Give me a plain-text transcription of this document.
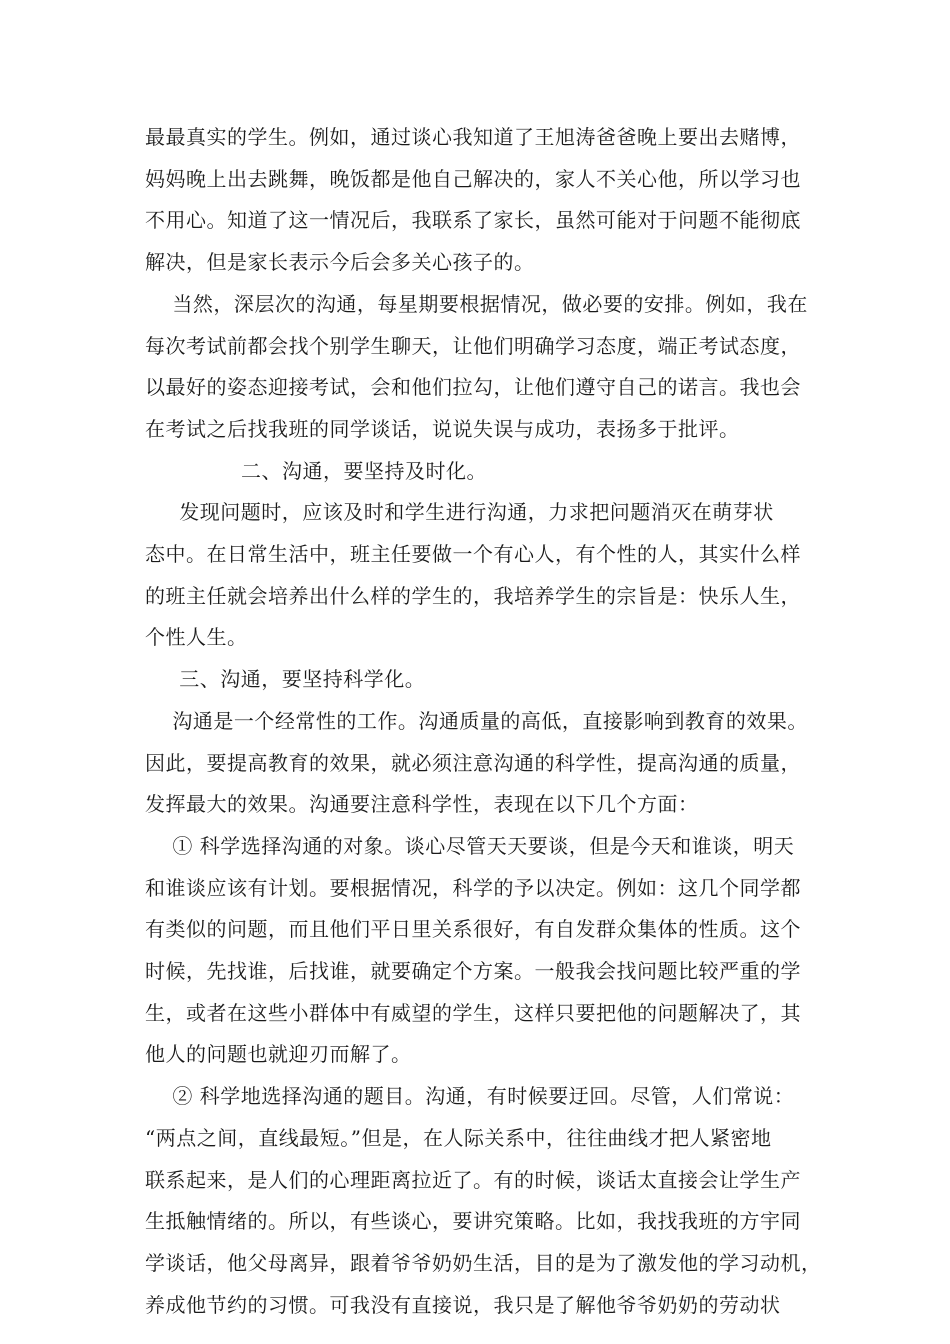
最最真实的学生。例如，通过谈心我知道了王旭涛爸爸晚上要出去赌博，
妈妈晚上出去跳舞，晚饭都是他自己解决的，家人不关心他，所以学习也
不用心。知道了这一情况后，我联系了家长，虽然可能对于问题不能彻底
解决，但是家长表示今后会多关心孩子的。
当然，深层次的沟通，每星期要根据情况，做必要的安排。例如，我在
每次考试前都会找个别学生聊天，让他们明确学习态度，端正考试态度，
以最好的姿态迎接考试，会和他们拉勾，让他们遵守自己的诺言。我也会
在考试之后找我班的同学谈话，说说失误与成功，表扬多于批评。
二、沟通，要坚持及时化。
发现问题时，应该及时和学生进行沟通，力求把问题消灭在萌芽状
态中。在日常生活中，班主任要做一个有心人，有个性的人，其实什么样
的班主任就会培养出什么样的学生的，我培养学生的宗旨是：快乐人生，
个性人生。
三、沟通，要坚持科学化。
沟通是一个经常性的工作。沟通质量的高低，直接影响到教育的效果。
因此，要提高教育的效果，就必须注意沟通的科学性，提高沟通的质量，
发挥最大的效果。沟通要注意科学性，表现在以下几个方面：
① 科学选择沟通的对象。谈心尽管天天要谈，但是今天和谁谈，明天
和谁谈应该有计划。要根据情况，科学的予以决定。例如：这几个同学都
有类似的问题，而且他们平日里关系很好，有自发群众集体的性质。这个
时候，先找谁，后找谁，就要确定个方案。一般我会找问题比较严重的学
生，或者在这些小群体中有威望的学生，这样只要把他的问题解决了，其
他人的问题也就迎刃而解了。
② 科学地选择沟通的题目。沟通，有时候要迂回。尽管，人们常说：
“两点之间，直线最短。”但是，在人际关系中，往往曲线才把人紧密地
联系起来，是人们的心理距离拉近了。有的时候，谈话太直接会让学生产
生抵触情绪的。所以，有些谈心，要讲究策略。比如，我找我班的方宇同
学谈话，他父母离异，跟着爷爷奶奶生活，目的是为了激发他的学习动机，
养成他节约的习惯。可我没有直接说，我只是了解他爷爷奶奶的劳动状
